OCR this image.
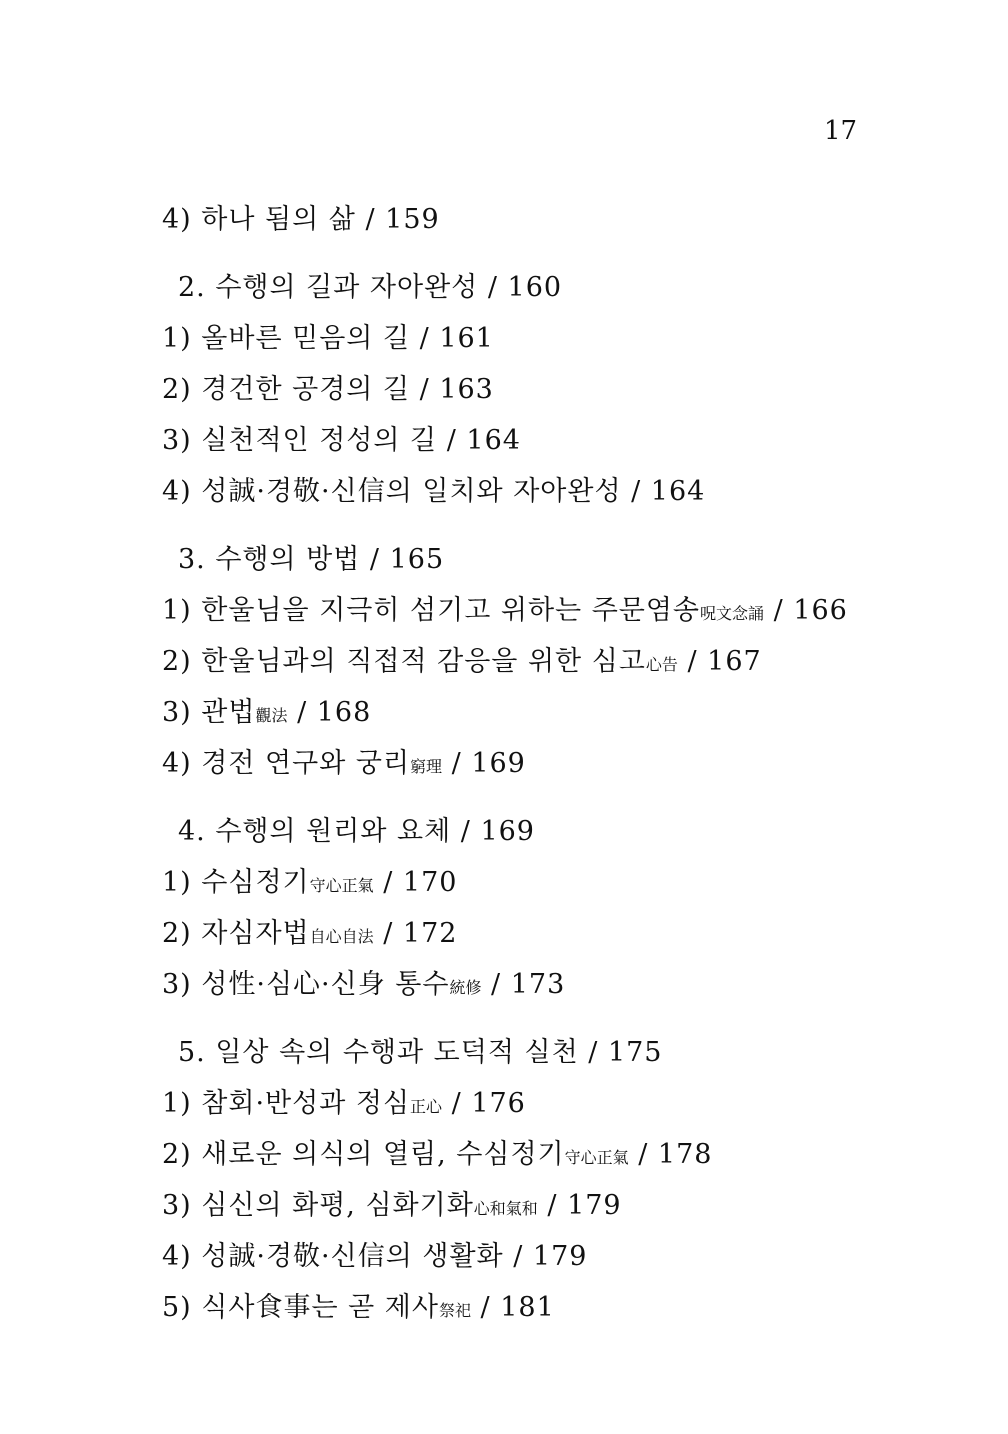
17
4) 하나 됨의 삶 / 159
2. 수행의 길과 자아완성 / 160
1) 올바른 믿음의 길 / 161
2) 경건한 공경의 길 / 163
3) 실천적인 정성의 길 / 164
4) 성誠·경敬·신信의 일치와 자아완성 / 164
3. 수행의 방법 / 165
1) 한울님을 지극히 섬기고 위하는 주문염송呪文念誦 / 166
2) 한울님과의 직접적 감응을 위한 심고心告 / 167
3) 관법觀法 / 168
4) 경전 연구와 궁리窮理 / 169
4. 수행의 원리와 요체 / 169
1) 수심정기守心正氣 / 170
2) 자심자법自心自法 / 172
3) 성性·심心·신身 통수統修 / 173
5. 일상 속의 수행과 도덕적 실천 / 175
1) 참회·반성과 정심正心 / 176
2) 새로운 의식의 열림, 수심정기守心正氣 / 178
3) 심신의 화평, 심화기화心和氣和 / 179
4) 성誠·경敬·신信의 생활화 / 179
5) 식사食事는 곧 제사祭祀 / 181
